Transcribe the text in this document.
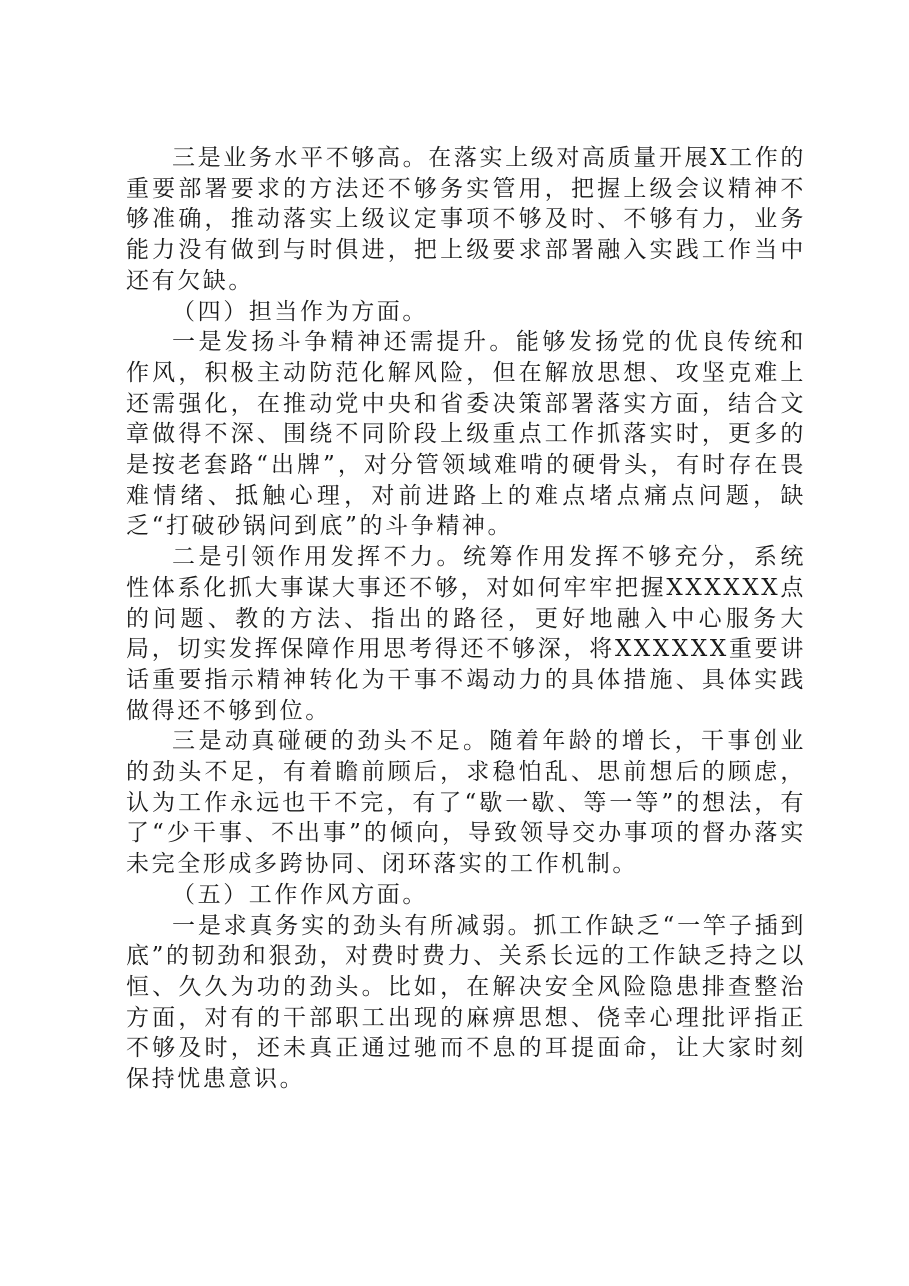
三是业务水平不够高。在落实上级对高质量开展X工作的重要部署要求的方法还不够务实管用，把握上级会议精神不够准确，推动落实上级议定事项不够及时、不够有力，业务能力没有做到与时俱进，把上级要求部署融入实践工作当中还有欠缺。

（四）担当作为方面。

一是发扬斗争精神还需提升。能够发扬党的优良传统和作风，积极主动防范化解风险，但在解放思想、攻坚克难上还需强化，在推动党中央和省委决策部署落实方面，结合文章做得不深、围绕不同阶段上级重点工作抓落实时，更多的是按老套路“出牌”，对分管领域难啃的硬骨头，有时存在畏难情绪、抵触心理，对前进路上的难点堵点痛点问题，缺乏“打破砂锅问到底”的斗争精神。

二是引领作用发挥不力。统筹作用发挥不够充分，系统性体系化抓大事谋大事还不够，对如何牢牢把握XXXXXX点的问题、教的方法、指出的路径，更好地融入中心服务大局，切实发挥保障作用思考得还不够深，将XXXXXX重要讲话重要指示精神转化为干事不竭动力的具体措施、具体实践做得还不够到位。

三是动真碰硬的劲头不足。随着年龄的增长，干事创业的劲头不足，有着瞻前顾后，求稳怕乱、思前想后的顾虑，认为工作永远也干不完，有了“歇一歇、等一等”的想法，有了“少干事、不出事”的倾向，导致领导交办事项的督办落实未完全形成多跨协同、闭环落实的工作机制。

（五）工作作风方面。

一是求真务实的劲头有所减弱。抓工作缺乏“一竿子插到底”的韧劲和狠劲，对费时费力、关系长远的工作缺乏持之以恒、久久为功的劲头。比如，在解决安全风险隐患排查整治方面，对有的干部职工出现的麻痹思想、侥幸心理批评指正不够及时，还未真正通过驰而不息的耳提面命，让大家时刻保持忧患意识。
